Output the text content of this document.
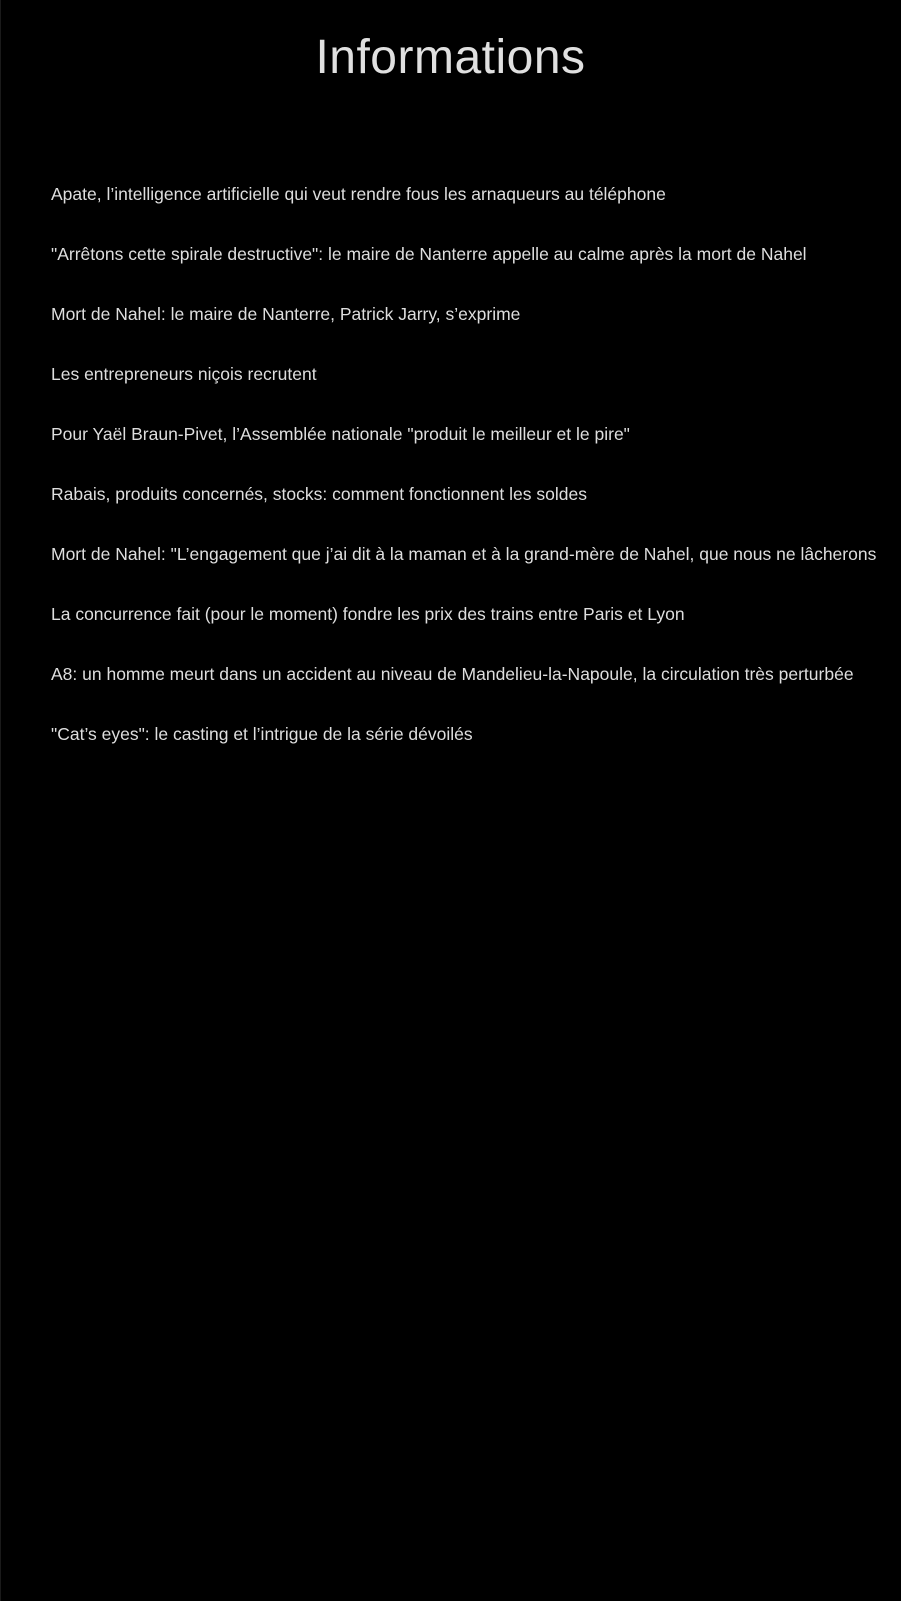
Informations
Apate, l’intelligence artificielle qui veut rendre fous les arnaqueurs au téléphone
"Arrêtons cette spirale destructive": le maire de Nanterre appelle au calme après la mort de Nahel
Mort de Nahel: le maire de Nanterre, Patrick Jarry, s’exprime
Les entrepreneurs niçois recrutent
Pour Yaël Braun-Pivet, l’Assemblée nationale "produit le meilleur et le pire"
Rabais, produits concernés, stocks: comment fonctionnent les soldes
Mort de Nahel: "L’engagement que j’ai dit à la maman et à la grand-mère de Nahel, que nous ne lâcherons
La concurrence fait (pour le moment) fondre les prix des trains entre Paris et Lyon
A8: un homme meurt dans un accident au niveau de Mandelieu-la-Napoule, la circulation très perturbée
"Cat’s eyes": le casting et l’intrigue de la série dévoilés
